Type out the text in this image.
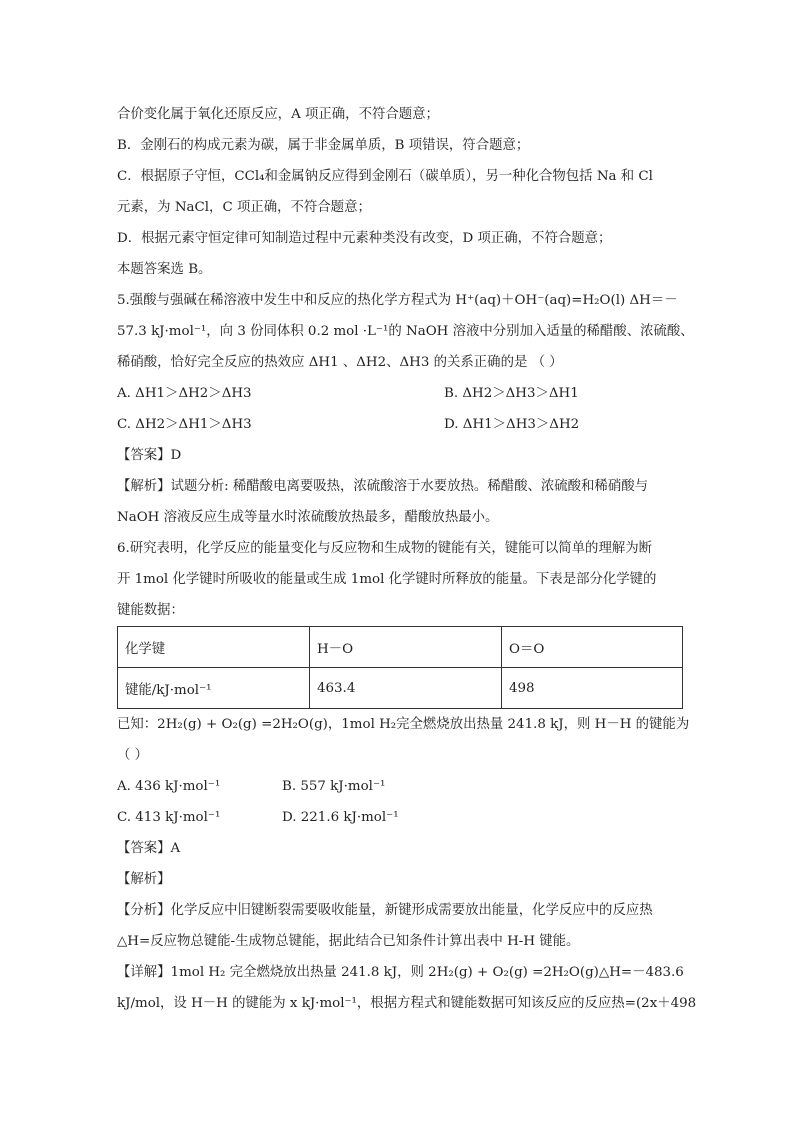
合价变化属于氧化还原反应，A 项正确，不符合题意；
B．金刚石的构成元素为碳，属于非金属单质，B 项错误，符合题意；
C．根据原子守恒，CCl₄和金属钠反应得到金刚石（碳单质），另一种化合物包括 Na 和 Cl
元素，为 NaCl，C 项正确，不符合题意；
D．根据元素守恒定律可知制造过程中元素种类没有改变，D 项正确，不符合题意；
本题答案选 B。
5.强酸与强碱在稀溶液中发生中和反应的热化学方程式为 H⁺(aq)＋OH⁻(aq)=H₂O(l) ΔH＝－
57.3 kJ·mol⁻¹，向 3 份同体积 0.2 mol ·L⁻¹的 NaOH 溶液中分别加入适量的稀醋酸、浓硫酸、
稀硝酸，恰好完全反应的热效应 ΔH1 、ΔH2、ΔH3 的关系正确的是 （ ）
A. ΔH1＞ΔH2＞ΔH3	B. ΔH2＞ΔH3＞ΔH1
C. ΔH2＞ΔH1＞ΔH3	D. ΔH1＞ΔH3＞ΔH2
【答案】D
【解析】试题分析: 稀醋酸电离要吸热，浓硫酸溶于水要放热。稀醋酸、浓硫酸和稀硝酸与
NaOH 溶液反应生成等量水时浓硫酸放热最多，醋酸放热最小。
6.研究表明，化学反应的能量变化与反应物和生成物的键能有关，键能可以简单的理解为断
开 1mol 化学键时所吸收的能量或生成 1mol 化学键时所释放的能量。下表是部分化学键的
键能数据：
化学键	H－O	O＝O
键能/kJ·mol⁻¹	463.4	498
已知：2H₂(g) + O₂(g) =2H₂O(g)，1mol H₂完全燃烧放出热量 241.8 kJ，则 H－H 的键能为
（ ）
A. 436 kJ·mol⁻¹	B. 557 kJ·mol⁻¹
C. 413 kJ·mol⁻¹	D. 221.6 kJ·mol⁻¹
【答案】A
【解析】
【分析】化学反应中旧键断裂需要吸收能量，新键形成需要放出能量，化学反应中的反应热
△H=反应物总键能-生成物总键能，据此结合已知条件计算出表中 H-H 键能。
【详解】1mol H₂ 完全燃烧放出热量 241.8 kJ，则 2H₂(g) + O₂(g) =2H₂O(g)△H=－483.6
kJ/mol，设 H－H 的键能为 x kJ·mol⁻¹，根据方程式和键能数据可知该反应的反应热=(2x＋498
